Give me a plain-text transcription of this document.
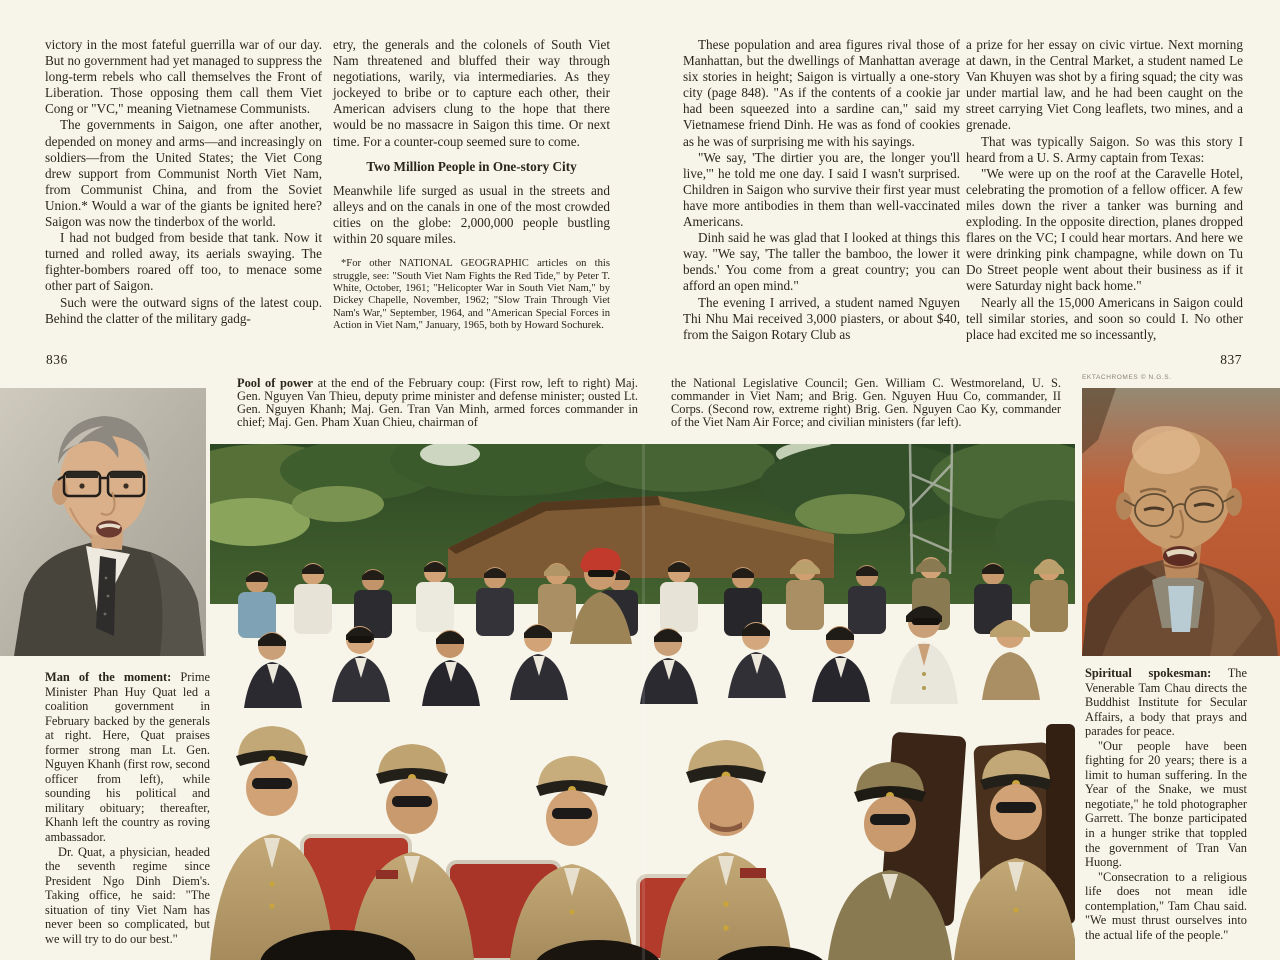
victory in the most fateful guerrilla war of our day. But no government had yet managed to suppress the long-term rebels who call themselves the Front of Liberation. Those opposing them call them Viet Cong or "VC," meaning Vietnamese Communists.

The governments in Saigon, one after another, depended on money and arms—and increasingly on soldiers—from the United States; the Viet Cong drew support from Communist North Viet Nam, from Communist China, and from the Soviet Union.* Would a war of the giants be ignited here? Saigon was now the tinderbox of the world.

I had not budged from beside that tank. Now it turned and rolled away, its aerials swaying. The fighter-bombers roared off too, to menace some other part of Saigon.

Such were the outward signs of the latest coup. Behind the clatter of the military gadg-

etry, the generals and the colonels of South Viet Nam threatened and bluffed their way through negotiations, warily, via intermediaries. As they jockeyed to bribe or to capture each other, their American advisers clung to the hope that there would be no massacre in Saigon this time. Or next time. For a counter-coup seemed sure to come.

Two Million People in One-story City

Meanwhile life surged as usual in the streets and alleys and on the canals in one of the most crowded cities on the globe: 2,000,000 people bustling within 20 square miles.

*For other NATIONAL GEOGRAPHIC articles on this struggle, see: "South Viet Nam Fights the Red Tide," by Peter T. White, October, 1961; "Helicopter War in South Viet Nam," by Dickey Chapelle, November, 1962; "Slow Train Through Viet Nam's War," September, 1964, and "American Special Forces in Action in Viet Nam," January, 1965, both by Howard Sochurek.

These population and area figures rival those of Manhattan, but the dwellings of Manhattan average six stories in height; Saigon is virtually a one-story city (page 848). "As if the contents of a cookie jar had been squeezed into a sardine can," said my Vietnamese friend Dinh. He was as fond of cookies as he was of surprising me with his sayings.

"We say, 'The dirtier you are, the longer you'll live,'" he told me one day. I said I wasn't surprised. Children in Saigon who survive their first year must have more antibodies in them than well-vaccinated Americans.

Dinh said he was glad that I looked at things this way. "We say, 'The taller the bamboo, the lower it bends.' You come from a great country; you can afford an open mind."

The evening I arrived, a student named Nguyen Thi Nhu Mai received 3,000 piasters, or about $40, from the Saigon Rotary Club as

a prize for her essay on civic virtue. Next morning at dawn, in the Central Market, a student named Le Van Khuyen was shot by a firing squad; the city was under martial law, and he had been caught on the street carrying Viet Cong leaflets, two mines, and a grenade.

That was typically Saigon. So was this story I heard from a U. S. Army captain from Texas:

"We were up on the roof at the Caravelle Hotel, celebrating the promotion of a fellow officer. A few miles down the river a tanker was burning and exploding. In the opposite direction, planes dropped flares on the VC; I could hear mortars. And here we were drinking pink champagne, while down on Tu Do Street people went about their business as if it were Saturday night back home."

Nearly all the 15,000 Americans in Saigon could tell similar stories, and soon so could I. No other place had excited me so incessantly,

836	837
Pool of power at the end of the February coup: (First row, left to right) Maj. Gen. Nguyen Van Thieu, deputy prime minister and defense minister; ousted Lt. Gen. Nguyen Khanh; Maj. Gen. Tran Van Minh, armed forces commander in chief; Maj. Gen. Pham Xuan Chieu, chairman of
the National Legislative Council; Gen. William C. Westmoreland, U. S. commander in Viet Nam; and Brig. Gen. Nguyen Huu Co, commander, II Corps. (Second row, extreme right) Brig. Gen. Nguyen Cao Ky, commander of the Viet Nam Air Force; and civilian ministers (far left).
EKTACHROMES © N.G.S.

Man of the moment: Prime Minister Phan Huy Quat led a coalition government in February backed by the generals at right. Here, Quat praises former strong man Lt. Gen. Nguyen Khanh (first row, second officer from left), while sounding his political and military obituary; thereafter, Khanh left the country as roving ambassador.

Dr. Quat, a physician, headed the seventh regime since President Ngo Dinh Diem's. Taking office, he said: "The situation of tiny Viet Nam has never been so complicated, but we will try to do our best."

Spiritual spokesman: The Venerable Tam Chau directs the Buddhist Institute for Secular Affairs, a body that prays and parades for peace.

"Our people have been fighting for 20 years; there is a limit to human suffering. In the Year of the Snake, we must negotiate," he told photographer Garrett. The bonze participated in a hunger strike that toppled the government of Tran Van Huong.

"Consecration to a religious life does not mean idle contemplation," Tam Chau said. "We must thrust ourselves into the actual life of the people."
